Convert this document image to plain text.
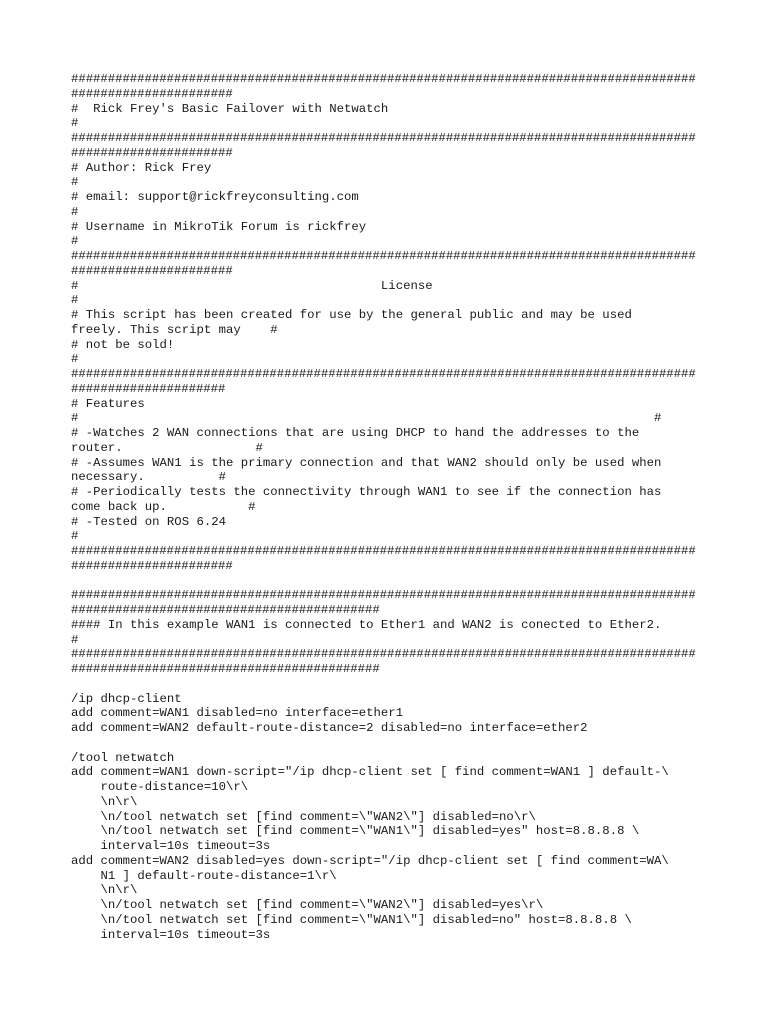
#####################################################################################
######################
#  Rick Frey's Basic Failover with Netwatch
#
#####################################################################################
######################
# Author: Rick Frey
#
# email: support@rickfreyconsulting.com
#
# Username in MikroTik Forum is rickfrey
#
#####################################################################################
######################
#                                         License
#
# This script has been created for use by the general public and may be used
freely. This script may    #
# not be sold!
#
#####################################################################################
#####################
# Features
#                                                                              #
# -Watches 2 WAN connections that are using DHCP to hand the addresses to the
router.                  #
# -Assumes WAN1 is the primary connection and that WAN2 should only be used when
necessary.          #
# -Periodically tests the connectivity through WAN1 to see if the connection has
come back up.           #
# -Tested on ROS 6.24
#
#####################################################################################
######################
#####################################################################################
##########################################
#### In this example WAN1 is connected to Ether1 and WAN2 is conected to Ether2.
#
#####################################################################################
##########################################
/ip dhcp-client
add comment=WAN1 disabled=no interface=ether1
add comment=WAN2 default-route-distance=2 disabled=no interface=ether2
/tool netwatch
add comment=WAN1 down-script="/ip dhcp-client set [ find comment=WAN1 ] default-\
route-distance=10\r\
\n\r\
\n/tool netwatch set [find comment=\"WAN2\"] disabled=no\r\
\n/tool netwatch set [find comment=\"WAN1\"] disabled=yes" host=8.8.8.8 \
interval=10s timeout=3s
add comment=WAN2 disabled=yes down-script="/ip dhcp-client set [ find comment=WA\
N1 ] default-route-distance=1\r\
\n\r\
\n/tool netwatch set [find comment=\"WAN2\"] disabled=yes\r\
\n/tool netwatch set [find comment=\"WAN1\"] disabled=no" host=8.8.8.8 \
interval=10s timeout=3s
